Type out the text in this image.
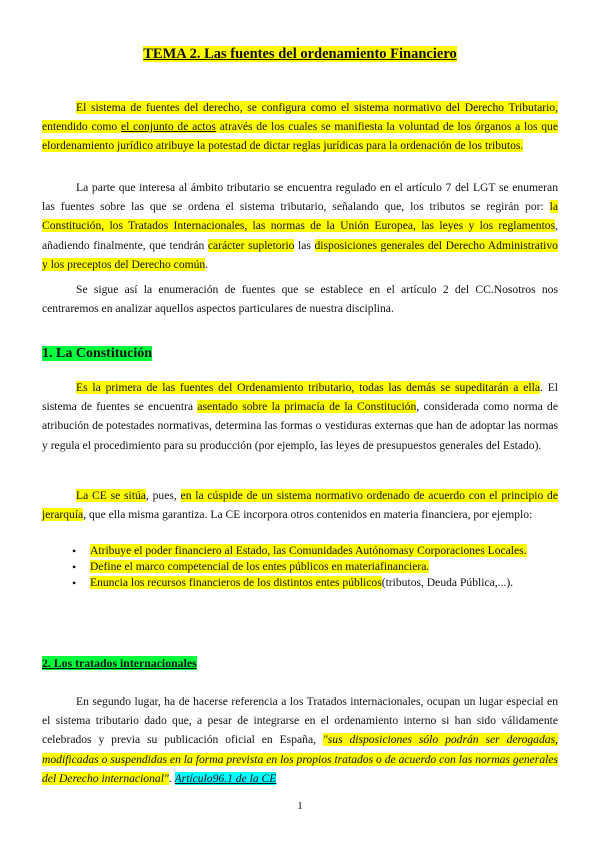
TEMA 2. Las fuentes del ordenamiento Financiero

El sistema de fuentes del derecho, se configura como el sistema normativo del Derecho Tributario, entendido como el conjunto de actos através de los cuales se manifiesta la voluntad de los órganos a los que elordenamiento jurídico atribuye la potestad de dictar reglas jurídicas para la ordenación de los tributos.

La parte que interesa al ámbito tributario se encuentra regulado en el artículo 7 del LGT se enumeran las fuentes sobre las que se ordena el sistema tributario, señalando que, los tributos se regirán por: la Constitución, los Tratados Internacionales, las normas de la Unión Europea, las leyes y los reglamentos, añadiendo finalmente, que tendrán carácter supletorio las disposiciones generales del Derecho Administrativo y los preceptos del Derecho común.

Se sigue así la enumeración de fuentes que se establece en el artículo 2 del CC.Nosotros nos centraremos en analizar aquellos aspectos particulares de nuestra disciplina.

1. La Constitución

Es la primera de las fuentes del Ordenamiento tributario, todas las demás se supeditarán a ella. El sistema de fuentes se encuentra asentado sobre la primacía de la Constitución, considerada como norma de atribución de potestades normativas, determina las formas o vestiduras externas que han de adoptar las normas y regula el procedimiento para su producción (por ejemplo, las leyes de presupuestos generales del Estado).

La CE se sitúa, pues, en la cúspide de un sistema normativo ordenado de acuerdo con el principio de jerarquía, que ella misma garantiza. La CE incorpora otros contenidos en materia financiera, por ejemplo:

• Atribuye el poder financiero al Estado, las Comunidades Autónomasy Corporaciones Locales.
• Define el marco competencial de los entes públicos en materiafinanciera.
• Enuncia los recursos financieros de los distintos entes públicos(tributos, Deuda Pública,...).
2. Los tratados internacionales

En segundo lugar, ha de hacerse referencia a los Tratados internacionales, ocupan un lugar especial en el sistema tributario dado que, a pesar de integrarse en el ordenamiento interno si han sido válidamente celebrados y previa su publicación oficial en España, "sus disposiciones sólo podrán ser derogadas, modificadas o suspendidas en la forma prevista en los propios tratados o de acuerdo con las normas generales del Derecho internacional". Artículo96.1 de la CE

1
